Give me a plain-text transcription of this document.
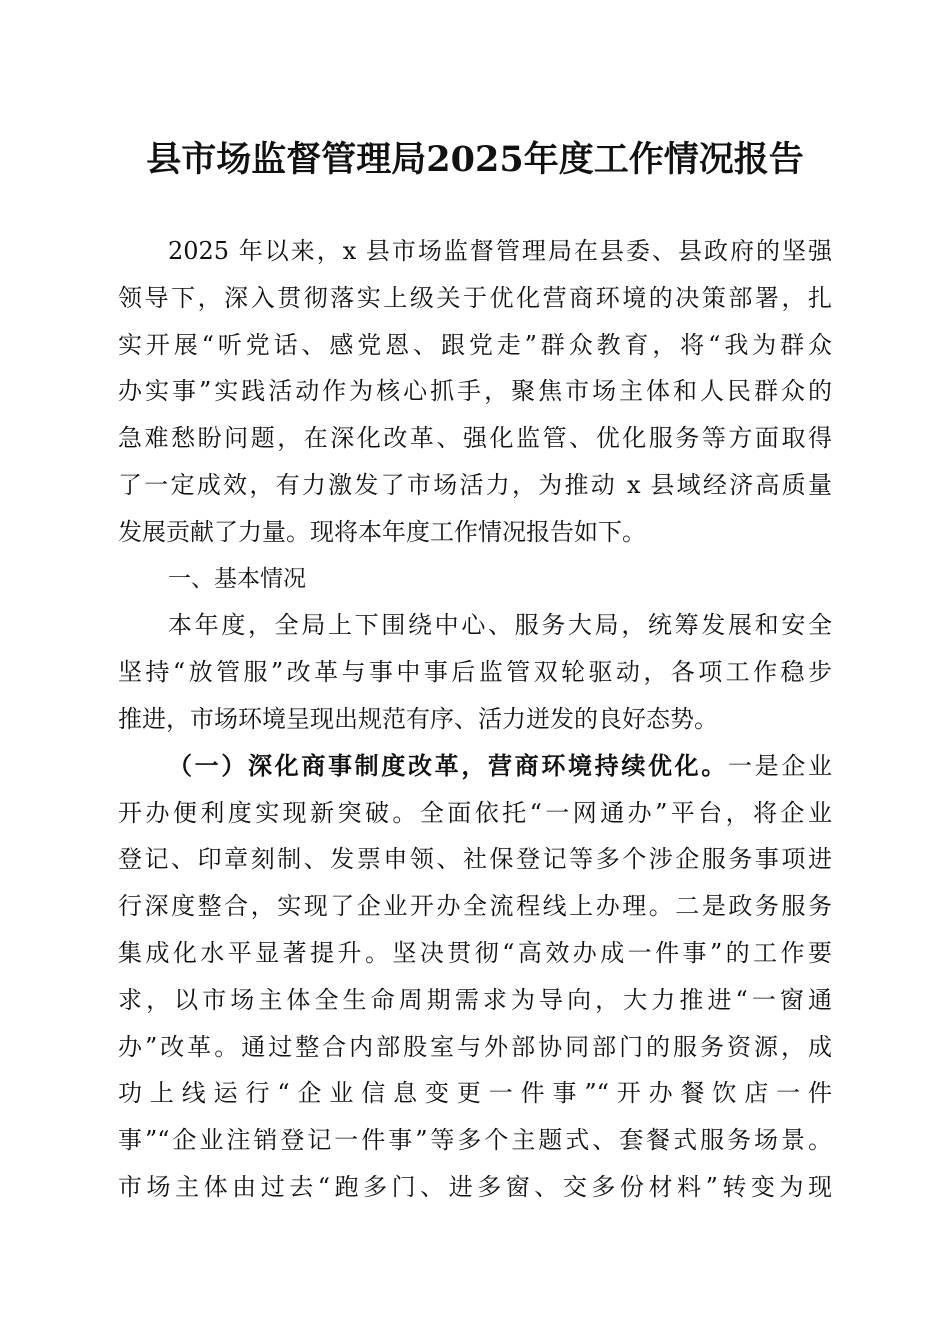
县市场监督管理局2025年度工作情况报告
2025 年以来，x 县市场监督管理局在县委、县政府的坚强
领导下，深入贯彻落实上级关于优化营商环境的决策部署，扎
实开展“听党话、感党恩、跟党走”群众教育，将“我为群众
办实事”实践活动作为核心抓手，聚焦市场主体和人民群众的
急难愁盼问题，在深化改革、强化监管、优化服务等方面取得
了一定成效，有力激发了市场活力，为推动 x 县域经济高质量
发展贡献了力量。现将本年度工作情况报告如下。
一、基本情况
本年度，全局上下围绕中心、服务大局，统筹发展和安全
坚持“放管服”改革与事中事后监管双轮驱动，各项工作稳步
推进，市场环境呈现出规范有序、活力迸发的良好态势。
（一）深化商事制度改革，营商环境持续优化。一是企业
开办便利度实现新突破。全面依托“一网通办”平台，将企业
登记、印章刻制、发票申领、社保登记等多个涉企服务事项进
行深度整合，实现了企业开办全流程线上办理。二是政务服务
集成化水平显著提升。坚决贯彻“高效办成一件事”的工作要
求，以市场主体全生命周期需求为导向，大力推进“一窗通
办”改革。通过整合内部股室与外部协同部门的服务资源，成
功上线运行“企业信息变更一件事”“开办餐饮店一件
事”“企业注销登记一件事”等多个主题式、套餐式服务场景。
市场主体由过去“跑多门、进多窗、交多份材料”转变为现
